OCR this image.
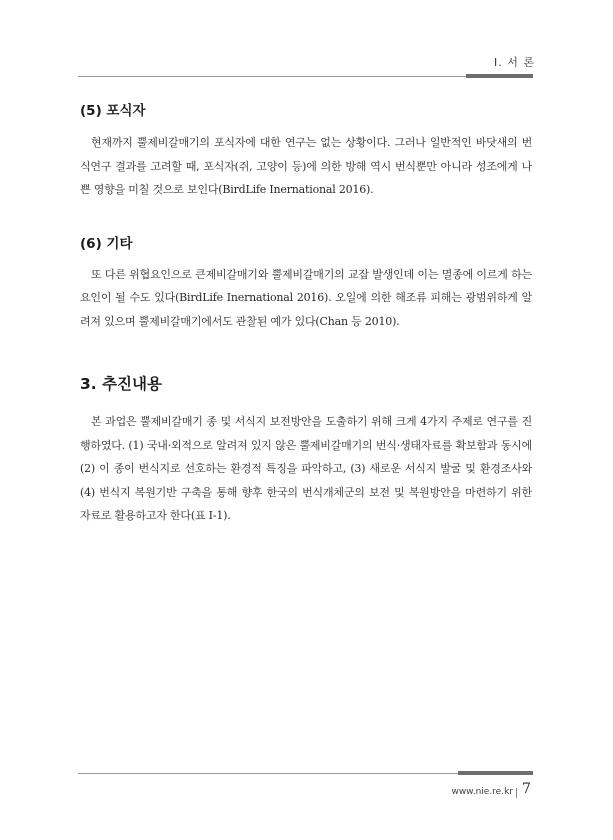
Ⅰ. 서 론
(5) 포식자

현재까지 뿔제비갈매기의 포식자에 대한 연구는 없는 상황이다. 그러나 일반적인 바닷새의 번식연구 결과를 고려할 때, 포식자(쥐, 고양이 등)에 의한 방해 역시 번식뿐만 아니라 성조에게 나쁜 영향을 미칠 것으로 보인다(BirdLife Inernational 2016).

(6) 기타

또 다른 위협요인으로 큰제비갈매기와 뿔제비갈매기의 교잡 발생인데 이는 멸종에 이르게 하는 요인이 될 수도 있다(BirdLife Inernational 2016). 오일에 의한 해조류 피해는 광범위하게 알려져 있으며 뿔제비갈매기에서도 관찰된 예가 있다(Chan 등 2010).

3. 추진내용

본 과업은 뿔제비갈매기 종 및 서식지 보전방안을 도출하기 위해 크게 4가지 주제로 연구를 진행하였다. (1) 국내·외적으로 알려져 있지 않은 뿔제비갈매기의 번식·생태자료를 확보함과 동시에 (2) 이 종이 번식지로 선호하는 환경적 특징을 파악하고, (3) 새로운 서식지 발굴 및 환경조사와 (4) 번식지 복원기반 구축을 통해 향후 한국의 번식개체군의 보전 및 복원방안을 마련하기 위한 자료로 활용하고자 한다(표 Ⅰ-1).

www.nie.re.kr 7
